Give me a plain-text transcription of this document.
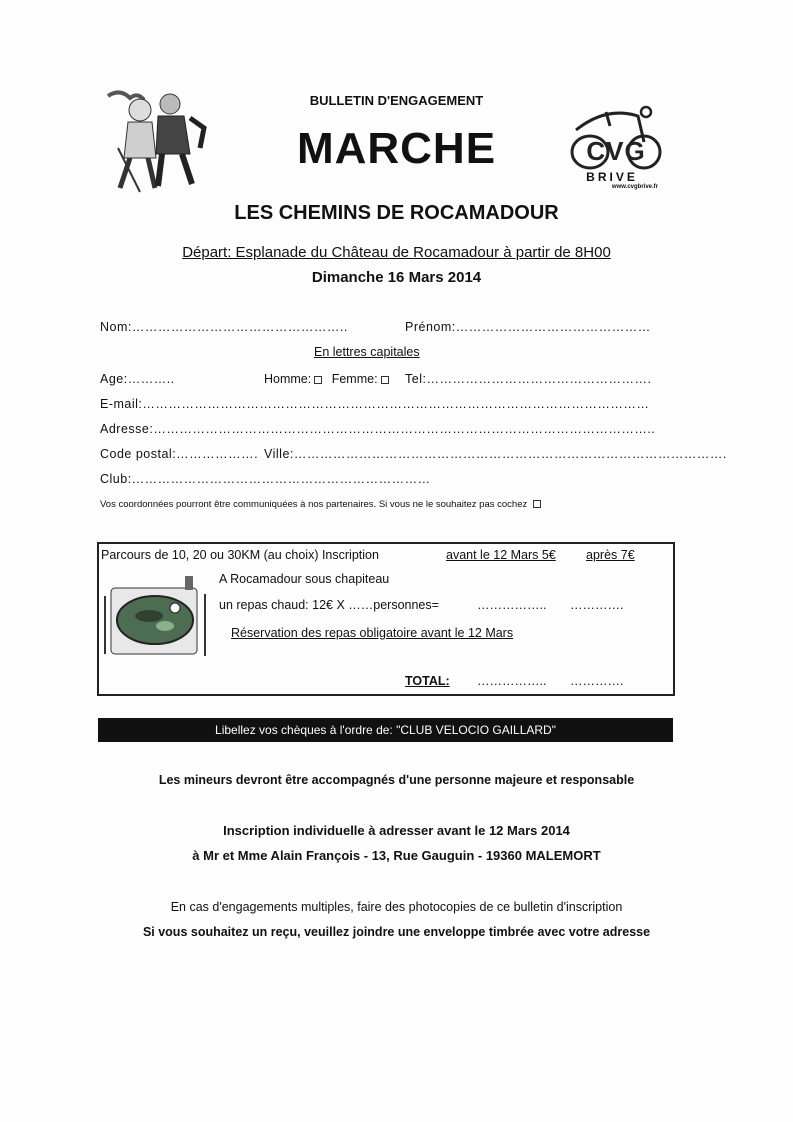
BULLETIN D'ENGAGEMENT
MARCHE	CVG
BRIVE
www.cvgbrive.fr
LES CHEMINS DE ROCAMADOUR
Départ: Esplanade du Château de Rocamadour à partir de 8H00
Dimanche 16 Mars 2014
Nom:…………………………………………..	Prénom:………………………………………
En lettres capitales
Age:………..	Homme: Femme:	Tel:…………………………………………….
E-mail:………………………………………………………………………………………………………
Adresse:……………………………………………………………………………………………………..
Code postal:………………. Ville:……………………………………………………………………………………….
Club:……………………………………………………………
Vos coordonnées pourront être communiquées à nos partenaires. Si vous ne le souhaitez pas cochez
Parcours de 10, 20 ou 30KM (au choix) Inscription	avant le 12 Mars 5€ après 7€
A Rocamadour sous chapiteau
un repas chaud: 12€ X ……personnes=	…………….. ………….
Réservation des repas obligatoire avant le 12 Mars
TOTAL: …………….. ………….
Libellez vos chèques à l'ordre de: "CLUB VELOCIO GAILLARD"
Les mineurs devront être accompagnés d'une personne majeure et responsable
Inscription individuelle à adresser avant le 12 Mars 2014
à Mr et Mme Alain François - 13, Rue Gauguin - 19360 MALEMORT
En cas d'engagements multiples, faire des photocopies de ce bulletin d'inscription
Si vous souhaitez un reçu, veuillez joindre une enveloppe timbrée avec votre adresse
